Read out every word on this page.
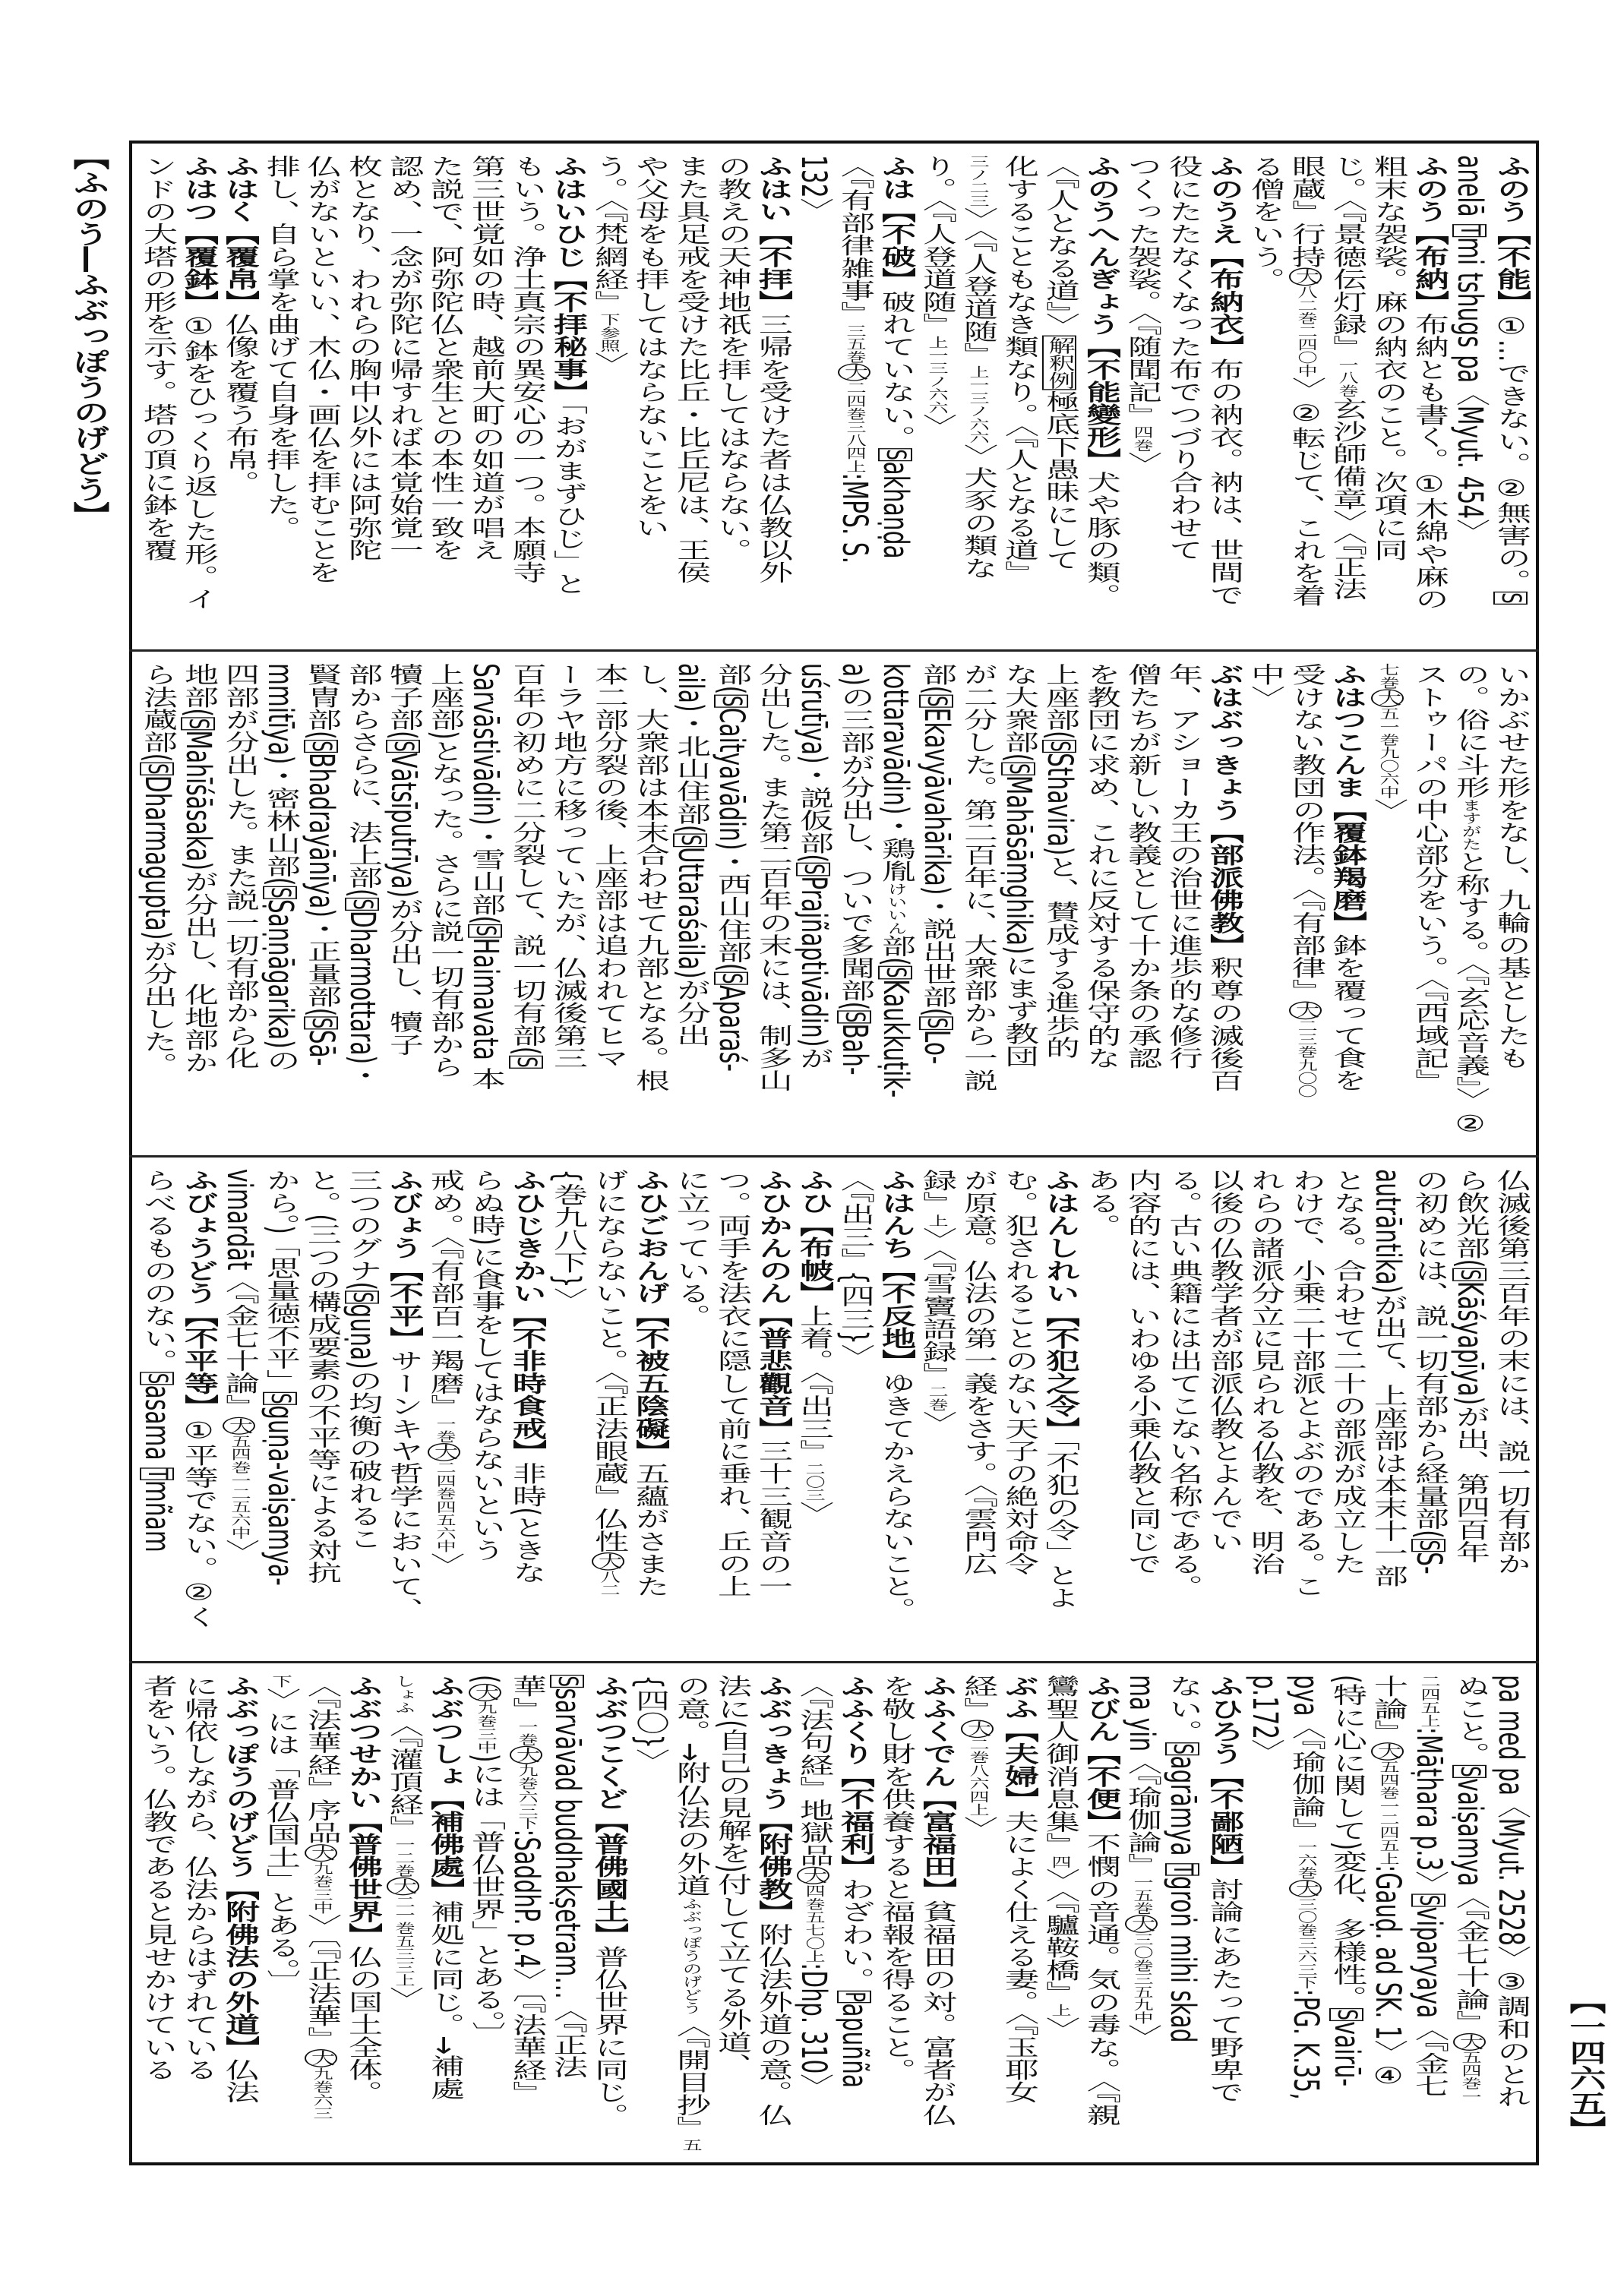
【ふのう―ふぶっぽうのげどう】	ふのう【不能】①…できない。②無害の。S
anelā Tmi tshugs pa〈Myut. 454〉
ふのう【布納】布納とも書く。①木綿や麻の
粗末な袈裟。麻の納衣のこと。次項に同
じ。〈『景徳伝灯録』一八巻玄沙師備章〉〈『正法
眼蔵』行持大八二巻二四〇中〉②転じて、これを着
る僧をいう。
ふのうえ【布納衣】布の衲衣。衲は、世間で
役にたたなくなった布でつづり合わせて
つくった袈裟。〈『随聞記』四巻〉
ふのうへんぎょう【不能變形】犬や豚の類。
〈『人となる道』〉解釈例極底下愚昧にして
化することもなき類なり。〈『人となる道』
三ノ二三〉〈『人登道随』上一三ノ六六〉犬豕の類な
り。〈『人登道随』上一三ノ六六〉
ふは【不破】破れていない。Sakhaṇḍa
〈『有部律雑事』三五巻大二四巻三八四上:MPS. S.
132〉
ふはい【不拝】三帰を受けた者は仏教以外
の教えの天神地祇を拝してはならない。
また具足戒を受けた比丘・比丘尼は、王侯
や父母をも拝してはならないことをい
う。〈『梵網経』下参照〉
ふはいひじ【不拝秘事】「おがまずひじ」と
もいう。浄土真宗の異安心の一つ。本願寺
第三世覚如の時、越前大町の如道が唱え
た説で、阿弥陀仏と衆生との本性一致を
認め、一念が弥陀に帰すれば本覚始覚一
枚となり、われらの胸中以外には阿弥陀
仏がないといい、木仏・画仏を拝むことを
排し、自ら掌を曲げて自身を拝した。
ふはく【覆帛】仏像を覆う布帛。
ふはつ【覆鉢】①鉢をひっくり返した形。イ
ンドの大塔の形を示す。塔の頂に鉢を覆
いかぶせた形をなし、九輪の基としたも
の。俗に斗形ますがたと称する。〈『玄応音義』〉②
ストゥーパの中心部分をいう。〈『西域記』
七巻大五一巻九〇六中〉
ふはつこんま【覆鉢羯磨】鉢を覆って食を
受けない教団の作法。〈『有部律』大二三巻九〇〇
中〉
ぶはぶっきょう【部派佛教】釈尊の滅後百
年、アショーカ王の治世に進歩的な修行
僧たちが新しい教義として十か条の承認
を教団に求め、これに反対する保守的な
上座部(SSthavira)と、賛成する進歩的
な大衆部(SMahāsāṃghika)にまず教団
が二分した。第二百年に、大衆部から一説
部(SEkavyāvahārika)・説出世部(SLo-
kottaravādin)・鶏胤けいいん部(SKaukkuṭik-
a)の三部が分出し、ついで多聞部(SBah-
uśrutīya)・説仮部(SPrajñaptivādin)が
分出した。また第二百年の末には、制多山
部(SCaityavādin)・西山住部(SAparaś-
aila)・北山住部(SUttaraśaila)が分出
し、大衆部は本末合わせて九部となる。根
本二部分裂の後、上座部は追われてヒマ
ーラヤ地方に移っていたが、仏滅後第三
百年の初めに二分裂して、説一切有部(S
Sarvāstivādin)・雪山部(SHaimavata 本
上座部)となった。さらに説一切有部から
犢子部(SVātsīputrīya)が分出し、犢子
部からさらに、法上部(SDharmottara)・
賢冑部(SBhadrayānīya)・正量部(SSā-
mmitīya)・密林山部(SṢaṇṇāgarika)の
四部が分出した。また説一切有部から化
地部(SMahīśāsaka)が分出し、化地部か
ら法蔵部(SDharmagupta)が分出した。
仏滅後第三百年の末には、説一切有部か
ら飲光部(SKāśyapīya)が出、第四百年
の初めには、説一切有部から経量部(SS-
autrāntika)が出て、上座部は本末十一部
となる。合わせて二十の部派が成立した
わけで、小乗二十部派とよぶのである。こ
れらの諸派分立に見られる仏教を、明治
以後の仏教学者が部派仏教とよんでい
る。古い典籍には出てこない名称である。
内容的には、いわゆる小乗仏教と同じで
ある。
ふはんしれい【不犯之令】「不犯の令」とよ
む。犯されることのない天子の絶対命令
が原意。仏法の第一義をさす。〈『雲門広
録』上〉〈『雪竇語録』二巻〉
ふはんち【不反地】ゆきてかえらないこと。
〈『出三』{四三}〉
ふひ【布帔】上着。〈『出三』二〇三〉
ふひかんのん【普悲觀音】三十三観音の一
つ。両手を法衣に隠して前に垂れ、丘の上
に立っている。
ふひごおんげ【不被五陰礙】五蘊がさまた
げにならないこと。〈『正法眼蔵』仏性大八二
{巻九八下}〉
ふひじきかい【不非時食戒】非時(ときな
らぬ時)に食事をしてはならないという
戒め。〈『有部百一羯磨』一巻大二四巻四五六中〉
ふびょう【不平】サーンキヤ哲学において、
三つのグナ(Sguṇa)の均衡の破れるこ
と。(三つの構成要素の不平等による対抗
から。)「思量徳不平」Sguṇa-vaiṣamya-
vimardāt〈『金七十論』大五四巻一二五六中〉
ふびょうどう【不平等】①平等でない。②く
らべるもののない。Sasama Tmñam
pa med pa〈Myut. 2528〉③調和のとれ
ぬこと。Svaiṣamya〈『金七十論』大五四巻一
二四五上:Māṭhara p.3〉Sviparyaya〈『金七
十論』大五四巻一二四五上:Gauḍ. ad SK. 1〉④
(特に心に関して)変化、多様性。Svairū-
pya〈『瑜伽論』一六巻大三〇巻三六三下:PG. K.35,
p.172〉
ふひろう【不鄙陋】討論にあたって野卑で
ない。Sagrāmya Tgroṅ mihi skad
ma yin〈『瑜伽論』一五巻大三〇巻三五九中〉
ふびん【不便】不憫の音通。気の毒な。〈『親
鸞聖人御消息集』四〉〈『驢鞍橋』上〉
ぶふ【夫婦】夫によく仕える妻。〈『玉耶女
経』大二巻八六四上〉
ふふくでん【富福田】貧福田の対。富者が仏
を敬し財を供養すると福報を得ること。
ふふくり【不福利】わざわい。Papuñña
〈『法句経』地獄品大四巻五七〇上:Dhp. 310〉
ふぶっきょう【附佛教】附仏法外道の意。仏
法に(自己の見解を)付して立てる外道、
の意。→附仏法の外道ふぶっぽうのげどう〈『開目抄』五
{四〇}〉
ふぶつこくど【普佛國土】普仏世界に同じ。
Ssarvāvad buddhakṣetram…〈『正法
華』一巻大九巻六三下:SaddhP. p.4〉〔『法華経』
(大九巻三中)には「普仏世界」とある。〕
ふぶつしょ【補佛處】補処に同じ。→補處
しょふ〈『灌頂経』一二巻大二一巻五三三上〉
ふぶつせかい【普佛世界】仏の国土全体。
〈『法華経』序品大九巻三中〉〔『正法華』大九巻六三
下〉には「普仏国土」とある。〕
ふぶっぽうのげどう【附佛法の外道】仏法
に帰依しながら、仏法からはずれている
者をいう。仏教であると見せかけている	【一四六五】
